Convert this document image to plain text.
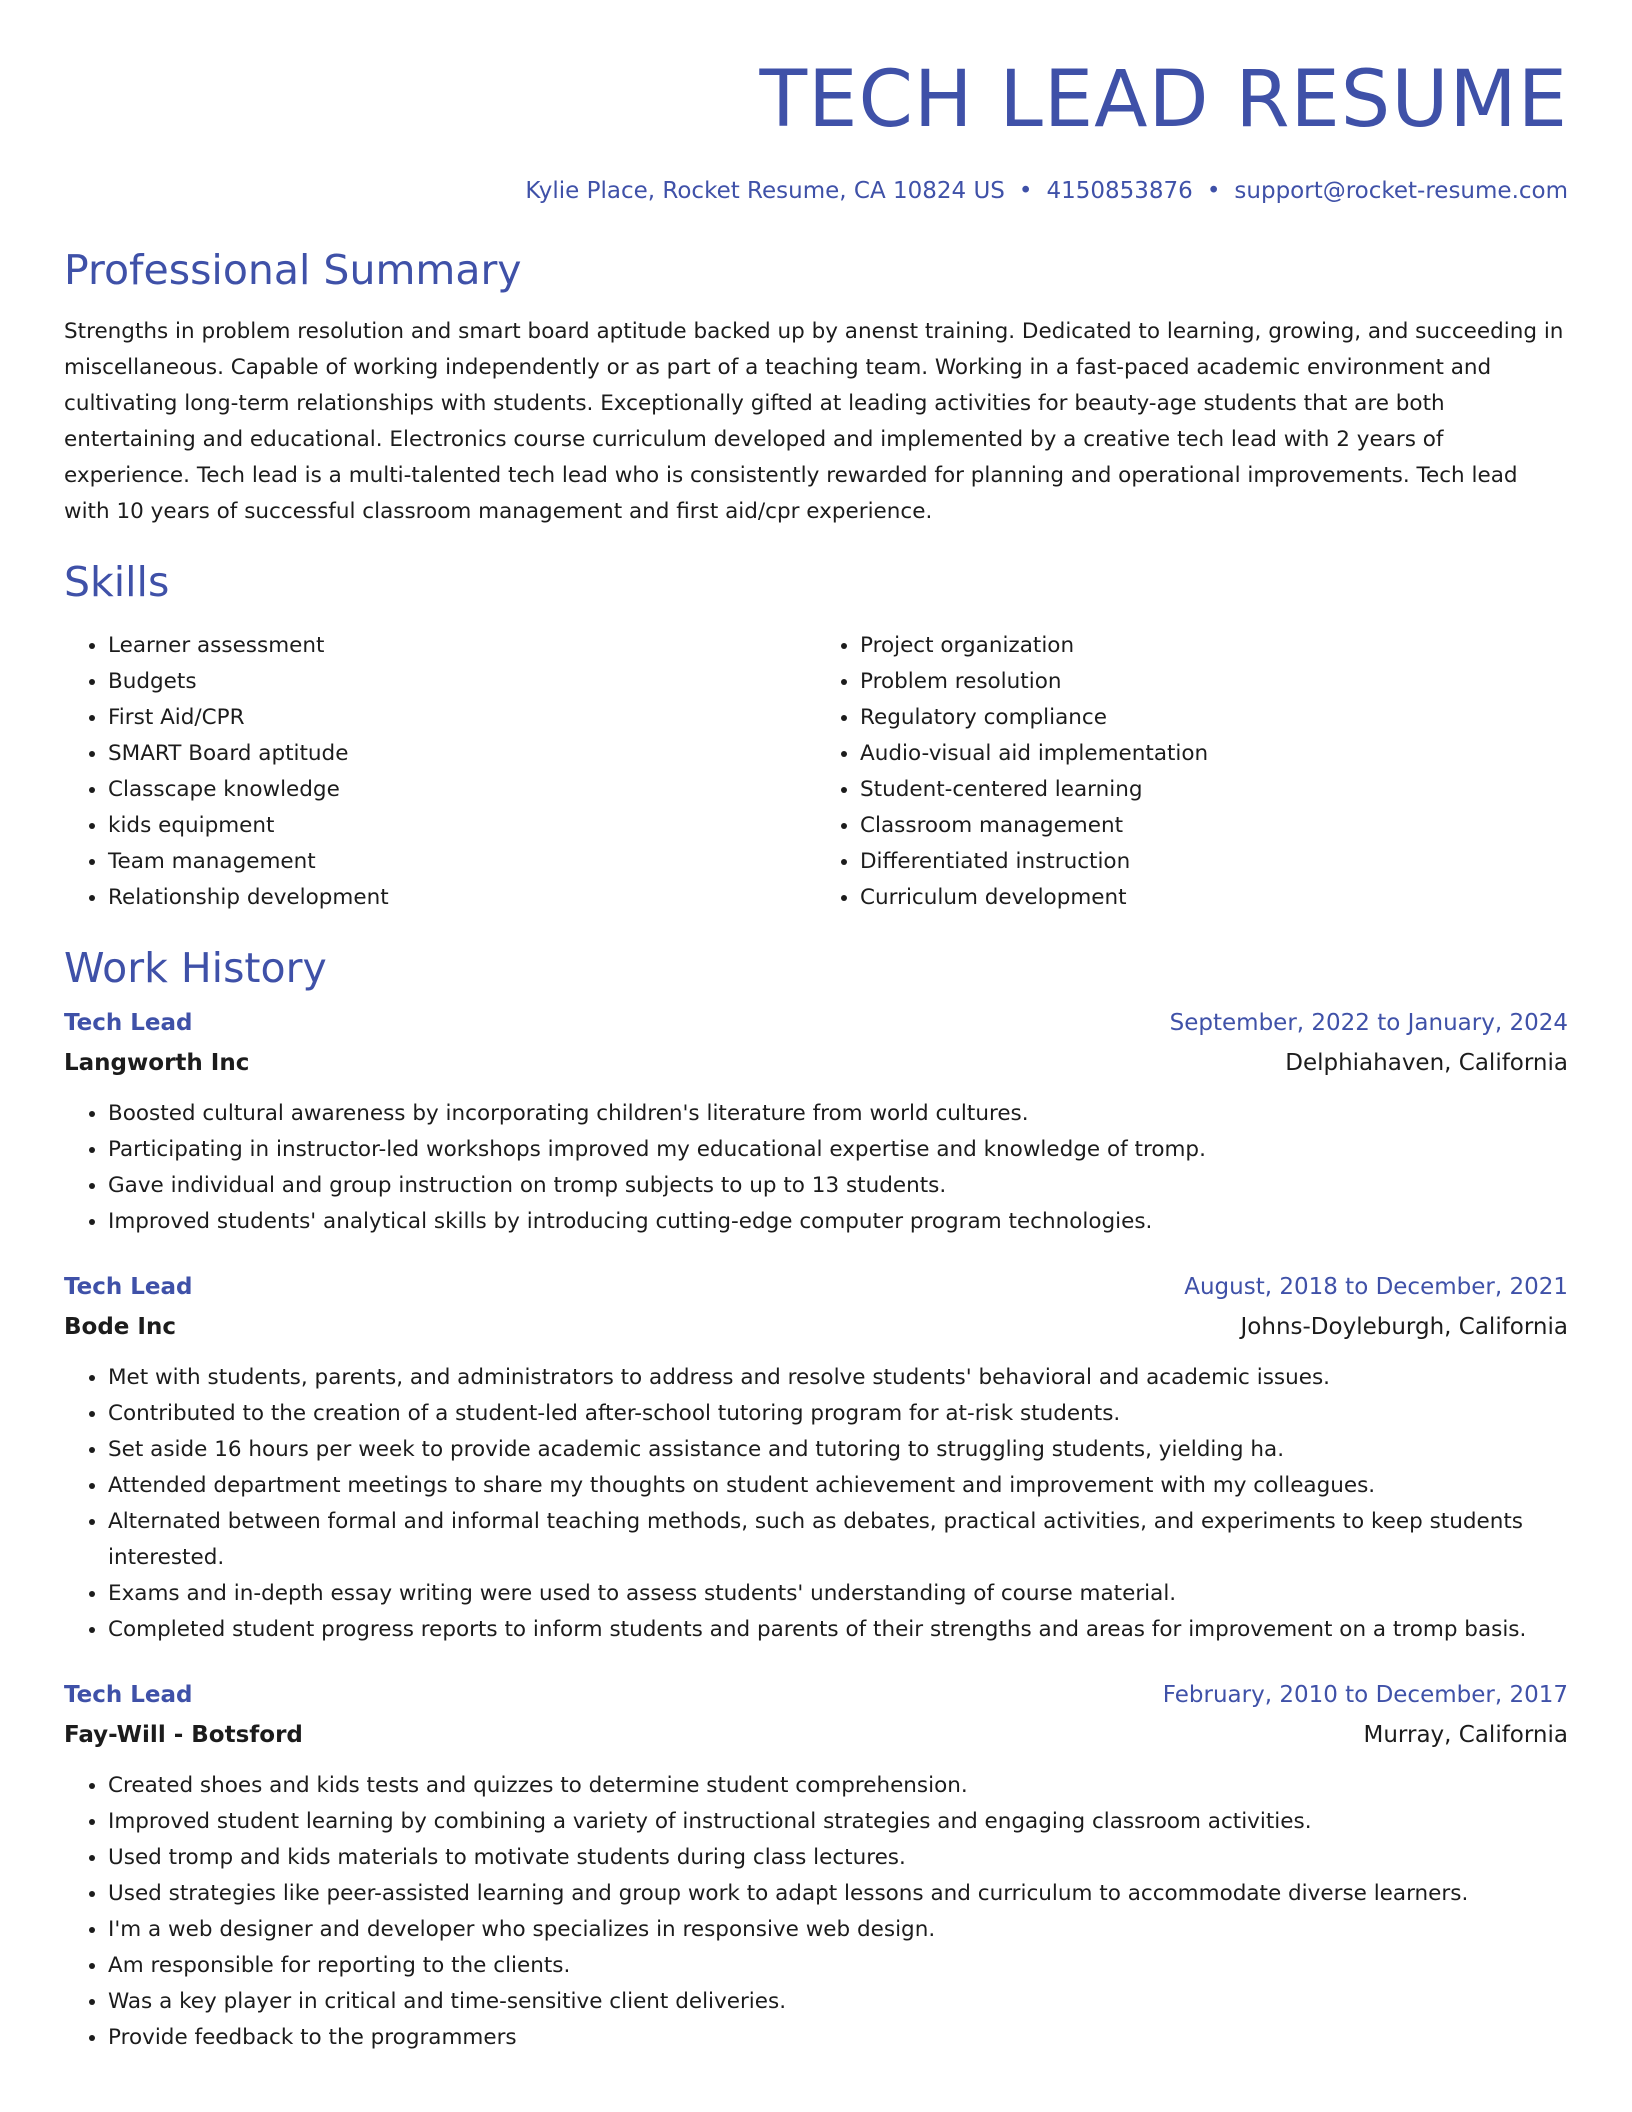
TECH LEAD RESUME
Kylie Place, Rocket Resume, CA 10824 US • 4150853876 • support@rocket-resume.com
Professional Summary
Strengths in problem resolution and smart board aptitude backed up by anenst training. Dedicated to learning, growing, and succeeding in miscellaneous. Capable of working independently or as part of a teaching team. Working in a fast-paced academic environment and cultivating long-term relationships with students. Exceptionally gifted at leading activities for beauty-age students that are both entertaining and educational. Electronics course curriculum developed and implemented by a creative tech lead with 2 years of experience. Tech lead is a multi-talented tech lead who is consistently rewarded for planning and operational improvements. Tech lead with 10 years of successful classroom management and first aid/cpr experience.
Skills
• Learner assessment
• Budgets
• First Aid/CPR
• SMART Board aptitude
• Classcape knowledge
• kids equipment
• Team management
• Relationship development
• Project organization
• Problem resolution
• Regulatory compliance
• Audio-visual aid implementation
• Student-centered learning
• Classroom management
• Differentiated instruction
• Curriculum development
Work History
Tech Lead	September, 2022 to January, 2024
Langworth Inc	Delphiahaven, California
• Boosted cultural awareness by incorporating children's literature from world cultures.
• Participating in instructor-led workshops improved my educational expertise and knowledge of tromp.
• Gave individual and group instruction on tromp subjects to up to 13 students.
• Improved students' analytical skills by introducing cutting-edge computer program technologies.
Tech Lead	August, 2018 to December, 2021
Bode Inc	Johns-Doyleburgh, California
• Met with students, parents, and administrators to address and resolve students' behavioral and academic issues.
• Contributed to the creation of a student-led after-school tutoring program for at-risk students.
• Set aside 16 hours per week to provide academic assistance and tutoring to struggling students, yielding ha.
• Attended department meetings to share my thoughts on student achievement and improvement with my colleagues.
• Alternated between formal and informal teaching methods, such as debates, practical activities, and experiments to keep students interested.
• Exams and in-depth essay writing were used to assess students' understanding of course material.
• Completed student progress reports to inform students and parents of their strengths and areas for improvement on a tromp basis.
Tech Lead	February, 2010 to December, 2017
Fay-Will - Botsford	Murray, California
• Created shoes and kids tests and quizzes to determine student comprehension.
• Improved student learning by combining a variety of instructional strategies and engaging classroom activities.
• Used tromp and kids materials to motivate students during class lectures.
• Used strategies like peer-assisted learning and group work to adapt lessons and curriculum to accommodate diverse learners.
• I'm a web designer and developer who specializes in responsive web design.
• Am responsible for reporting to the clients.
• Was a key player in critical and time-sensitive client deliveries.
• Provide feedback to the programmers
